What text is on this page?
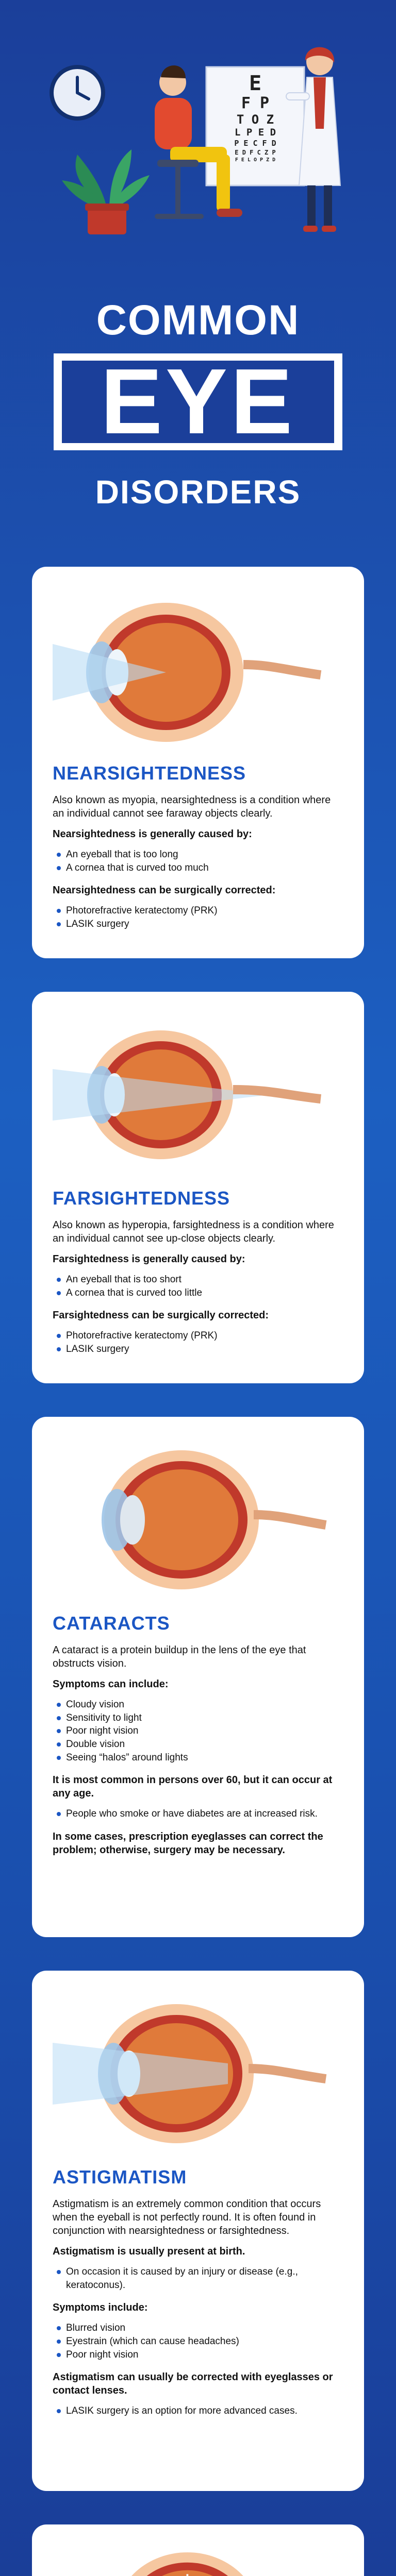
E
F P
T O Z
L P E D
P E C F D
E D F C Z P
F E L O P Z D
COMMON
EYE
DISORDERS
NEARSIGHTEDNESS

Also known as myopia, nearsightedness is a condition where an individual cannot see faraway objects clearly.

Nearsightedness is generally caused by:

An eyeball that is too long
A cornea that is curved too much

Nearsightedness can be surgically corrected:

Photorefractive keratectomy (PRK)
LASIK surgery
FARSIGHTEDNESS

Also known as hyperopia, farsightedness is a condition where an individual cannot see up-close objects clearly.

Farsightedness is generally caused by:

An eyeball that is too short
A cornea that is curved too little

Farsightedness can be surgically corrected:

Photorefractive keratectomy (PRK)
LASIK surgery
CATARACTS

A cataract is a protein buildup in the lens of the eye that obstructs vision.

Symptoms can include:

Cloudy vision
Sensitivity to light
Poor night vision
Double vision
Seeing “halos” around lights

It is most common in persons over 60, but it can occur at any age.

People who smoke or have diabetes are at increased risk.

In some cases, prescription eyeglasses can correct the problem; otherwise, surgery may be necessary.

ASTIGMATISM

Astigmatism is an extremely common condition that occurs when the eyeball is not perfectly round. It is often found in conjunction with nearsightedness or farsightedness.

Astigmatism is usually present at birth.

On occasion it is caused by an injury or disease (e.g., keratoconus).

Symptoms include:

Blurred vision
Eyestrain (which can cause headaches)
Poor night vision

Astigmatism can usually be corrected with eyeglasses or contact lenses.

LASIK surgery is an option for more advanced cases.
